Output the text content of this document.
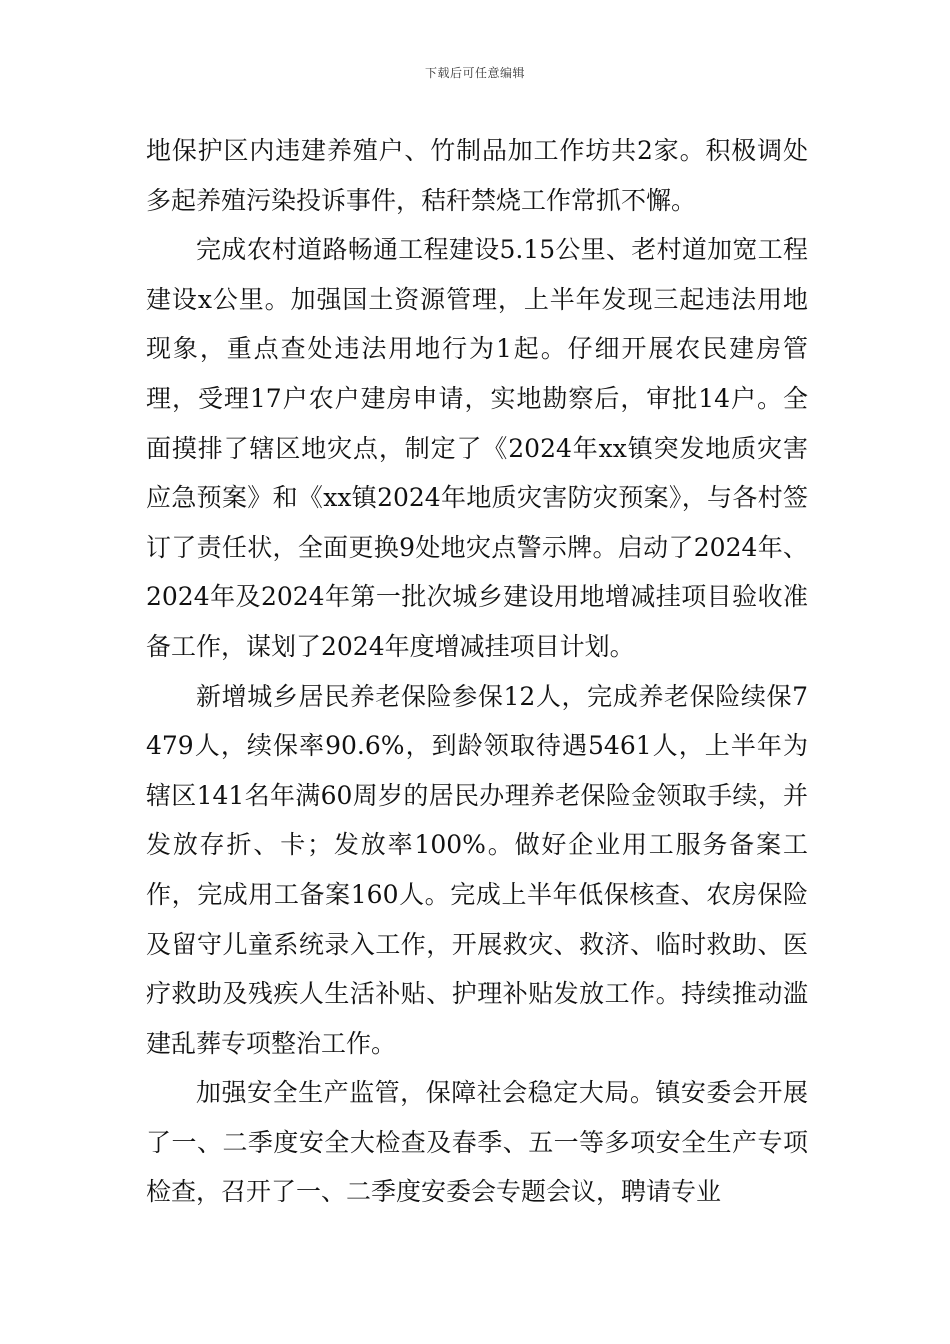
下载后可任意编辑

地保护区内违建养殖户、竹制品加工作坊共2家。积极调处多起养殖污染投诉事件，秸秆禁烧工作常抓不懈。

完成农村道路畅通工程建设5.15公里、老村道加宽工程建设x公里。加强国土资源管理，上半年发现三起违法用地现象，重点查处违法用地行为1起。仔细开展农民建房管理，受理17户农户建房申请，实地勘察后，审批14户。全面摸排了辖区地灾点，制定了《2024年xx镇突发地质灾害应急预案》和《xx镇2024年地质灾害防灾预案》，与各村签订了责任状，全面更换9处地灾点警示牌。启动了2024年、2024年及2024年第一批次城乡建设用地增减挂项目验收准备工作，谋划了2024年度增减挂项目计划。

新增城乡居民养老保险参保12人，完成养老保险续保7479人，续保率90.6%，到龄领取待遇5461人，上半年为辖区141名年满60周岁的居民办理养老保险金领取手续，并发放存折、卡；发放率100%。做好企业用工服务备案工作，完成用工备案160人。完成上半年低保核查、农房保险及留守儿童系统录入工作，开展救灾、救济、临时救助、医疗救助及残疾人生活补贴、护理补贴发放工作。持续推动滥建乱葬专项整治工作。

加强安全生产监管，保障社会稳定大局。镇安委会开展了一、二季度安全大检查及春季、五一等多项安全生产专项检查，召开了一、二季度安委会专题会议，聘请专业
